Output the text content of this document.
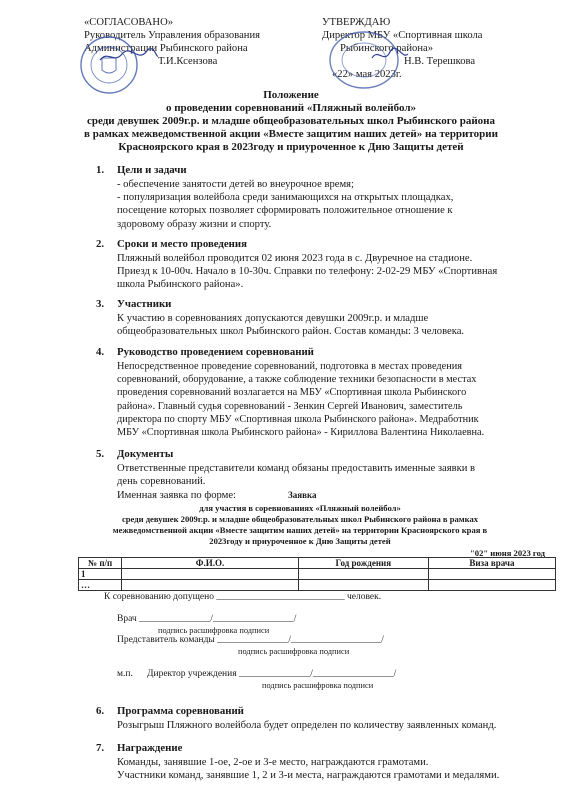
«СОГЛАСОВАНО»
Руководитель Управления образования
Администрации Рыбинского района
Т.И.Ксензова
УТВЕРЖДАЮ
Директор МБУ «Спортивная школа
Рыбинского района»
Н.В. Терешкова
«22» мая 2023г.
Положение
о проведении соревнований «Пляжный волейбол»
среди девушек 2009г.р. и младше общеобразовательных школ Рыбинского района
в рамках межведомственной акции «Вместе защитим наших детей» на территории
Красноярского края в 2023году и приуроченное к Дню Защиты детей
1. Цели и задачи
- обеспечение занятости детей во внеурочное время;
- популяризация волейбола среди занимающихся на открытых площадках,
посещение которых позволяет сформировать положительное отношение к
здоровому образу жизни и спорту.
2. Сроки и место проведения
Пляжный волейбол проводится 02 июня 2023 года в с. Двуречное на стадионе.
Приезд к 10-00ч. Начало в 10-30ч. Справки по телефону: 2-02-29 МБУ «Спортивная
школа Рыбинского района».
3. Участники
К участию в соревнованиях допускаются девушки 2009г.р. и младше
общеобразовательных школ Рыбинского район. Состав команды: 3 человека.
4. Руководство проведением соревнований
Непосредственное проведение соревнований, подготовка в местах проведения
соревнований, оборудование, а также соблюдение техники безопасности в местах
проведения соревнований возлагается на МБУ «Спортивная школа Рыбинского
района». Главный судья соревнований - Зенкин Сергей Иванович, заместитель
директора по спорту МБУ «Спортивная школа Рыбинского района». Медработник
МБУ «Спортивная школа Рыбинского района» - Кириллова Валентина Николаевна.
5. Документы
Ответственные представители команд обязаны предоставить именные заявки в
день соревнований.
Именная заявка по форме:	Заявка
для участия в соревнованиях «Пляжный волейбол»
среди девушек 2009г.р. и младше общеобразовательных школ Рыбинского района в рамках
межведомственной акции «Вместе защитим наших детей» на территории Красноярского края в
2023году и приуроченное к Дню Защиты детей
"02" июня 2023 год
№ п/п	Ф.И.О.	Год рождения	Виза врача
1			
…			
К соревнованию допущено ___________________________ человек.
Врач _______________/_________________/
подпись расшифровка подписи
Представитель команды _______________/___________________/
подпись расшифровка подписи
м.п. Директор учреждения _______________/_________________/
подпись расшифровка подписи
6. Программа соревнований
Розыгрыш Пляжного волейбола будет определен по количеству заявленных команд.
7. Награждение
Команды, занявшие 1-ое, 2-ое и 3-е место, награждаются грамотами.
Участники команд, занявшие 1, 2 и 3-и места, награждаются грамотами и медалями.
